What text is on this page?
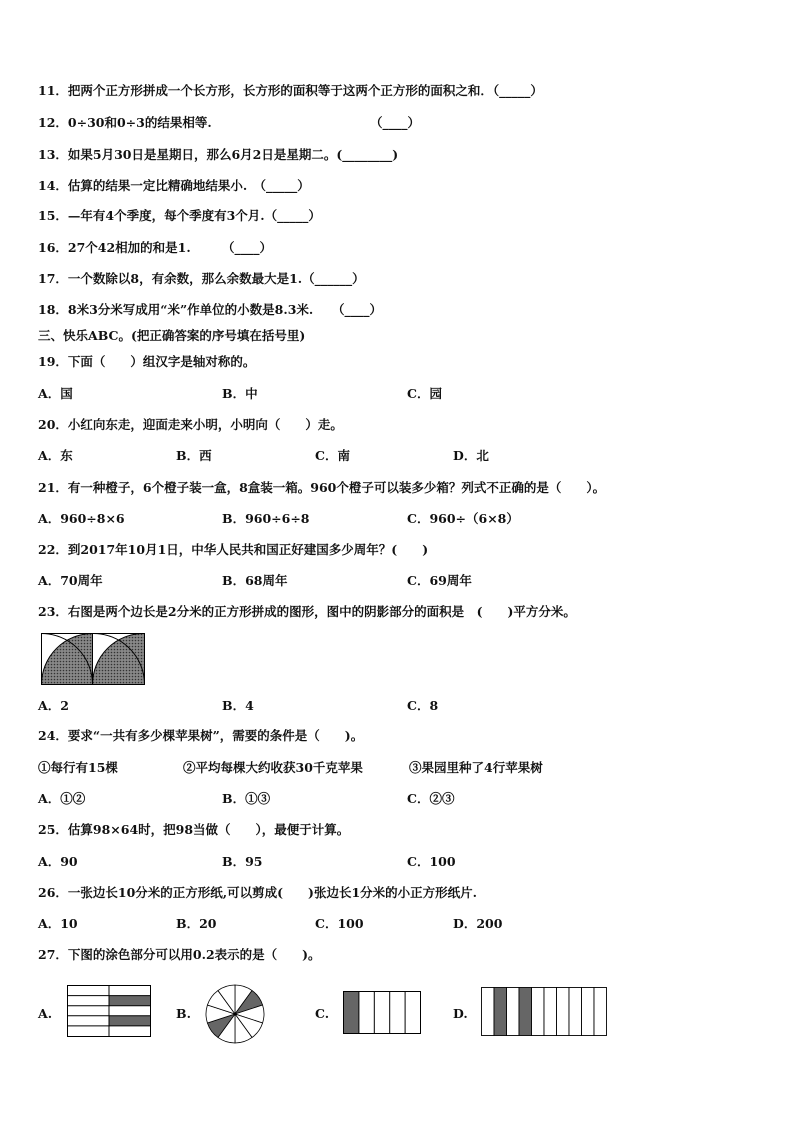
11．把两个正方形拼成一个长方形，长方形的面积等于这两个正方形的面积之和．（_____）
12．0÷30和0÷3的结果相等.	（____）
13．如果5月30日是星期日，那么6月2日是星期二。(________)
14．估算的结果一定比精确地结果小.　（_____）
15．—年有4个季度，每个季度有3个月.（_____）
16．27个42相加的和是1.　　　（____）
17．一个数除以8，有余数，那么余数最大是1.（______）
18．8米3分米写成用“米”作单位的小数是8.3米.　　（____）
三、快乐ABC。(把正确答案的序号填在括号里)
19．下面（　　）组汉字是轴对称的。
A．国	B．中	C．园
20．小红向东走，迎面走来小明，小明向（　　）走。
A．东	B．西	C．南	D．北
21．有一种橙子，6个橙子装一盒，8盒装一箱。960个橙子可以装多少箱？列式不正确的是（　　）。
A．960÷8×6	B．960÷6÷8	C．960÷（6×8）
22．到2017年10月1日，中华人民共和国正好建国多少周年？(　　)
A．70周年	B．68周年	C．69周年
23．右图是两个边长是2分米的正方形拼成的图形，图中的阴影部分的面积是　(　　)平方分米。
A．2	B．4	C．8
24．要求“一共有多少棵苹果树”，需要的条件是（　　)。
①每行有15棵	②平均每棵大约收获30千克苹果	③果园里种了4行苹果树
A．①②	B．①③	C．②③
25．估算98×64时，把98当做（　　），最便于计算。
A．90	B．95	C．100
26．一张边长10分米的正方形纸,可以剪成(　　)张边长1分米的小正方形纸片.
A．10	B．20	C．100	D．200
27．下图的涂色部分可以用0.2表示的是（　　)。
A.	B.	C.	D.
